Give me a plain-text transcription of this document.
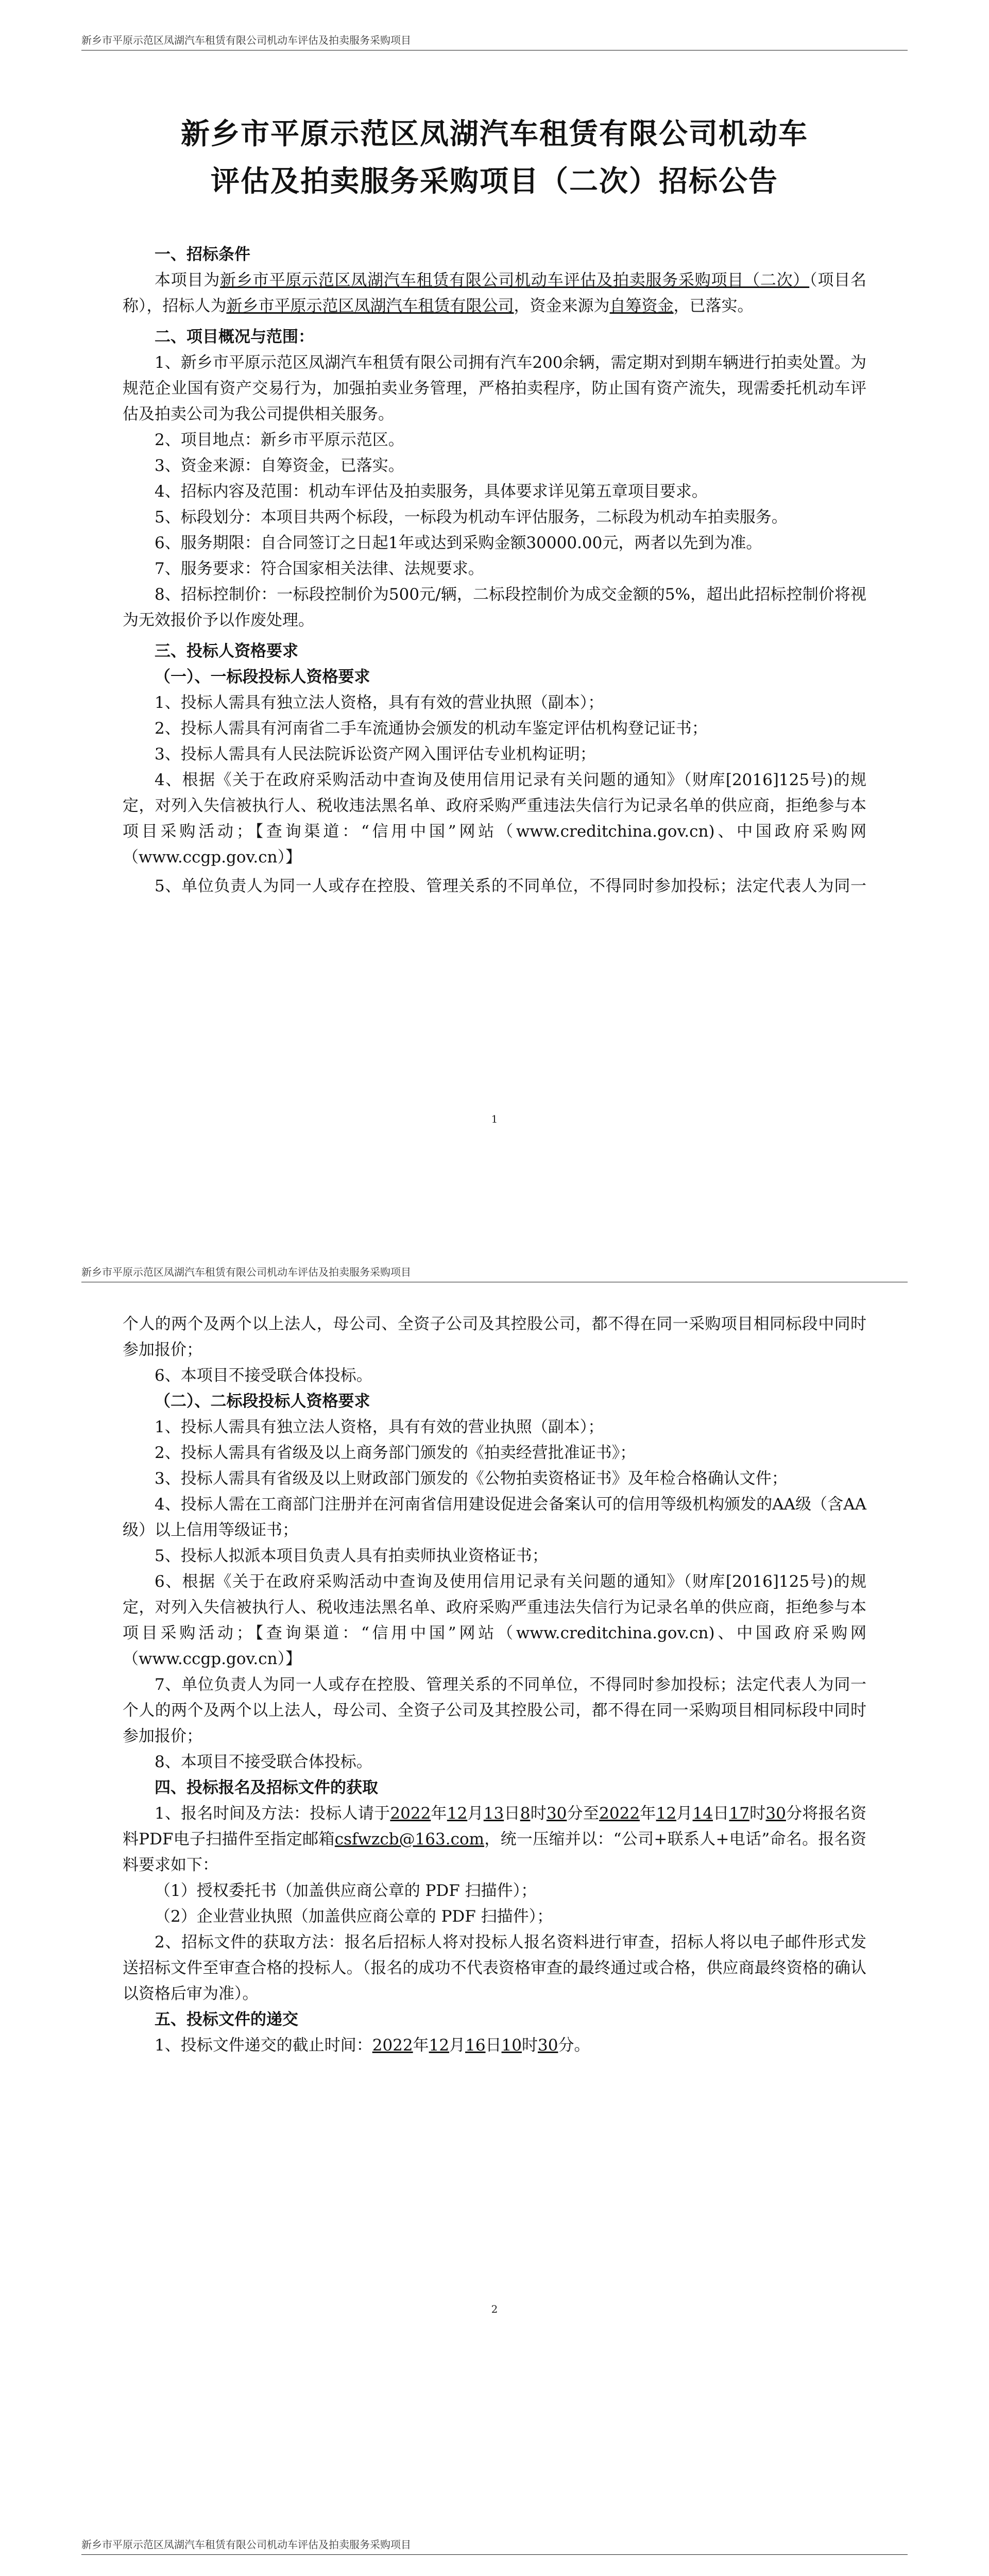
新乡市平原示范区凤湖汽车租赁有限公司机动车评估及拍卖服务采购项目
新乡市平原示范区凤湖汽车租赁有限公司机动车
评估及拍卖服务采购项目（二次）招标公告

一、招标条件

本项目为新乡市平原示范区凤湖汽车租赁有限公司机动车评估及拍卖服务采购项目（二次）（项目名称），招标人为新乡市平原示范区凤湖汽车租赁有限公司，资金来源为自筹资金，已落实。

二、项目概况与范围：

1、新乡市平原示范区凤湖汽车租赁有限公司拥有汽车200余辆，需定期对到期车辆进行拍卖处置。为规范企业国有资产交易行为，加强拍卖业务管理，严格拍卖程序，防止国有资产流失，现需委托机动车评估及拍卖公司为我公司提供相关服务。

2、项目地点：新乡市平原示范区。

3、资金来源：自筹资金，已落实。

4、招标内容及范围：机动车评估及拍卖服务，具体要求详见第五章项目要求。

5、标段划分：本项目共两个标段，一标段为机动车评估服务，二标段为机动车拍卖服务。

6、服务期限：自合同签订之日起1年或达到采购金额30000.00元，两者以先到为准。

7、服务要求：符合国家相关法律、法规要求。

8、招标控制价：一标段控制价为500元/辆，二标段控制价为成交金额的5%，超出此招标控制价将视为无效报价予以作废处理。

三、投标人资格要求

（一）、一标段投标人资格要求

1、投标人需具有独立法人资格，具有有效的营业执照（副本）；

2、投标人需具有河南省二手车流通协会颁发的机动车鉴定评估机构登记证书；

3、投标人需具有人民法院诉讼资产网入围评估专业机构证明；

4、根据《关于在政府采购活动中查询及使用信用记录有关问题的通知》（财库[2016]125号)的规定，对列入失信被执行人、税收违法黑名单、政府采购严重违法失信行为记录名单的供应商，拒绝参与本项目采购活动；【查询渠道：“信用中国”网站（www.creditchina.gov.cn)、中国政府采购网（www.ccgp.gov.cn）】

5、单位负责人为同一人或存在控股、管理关系的不同单位，不得同时参加投标；法定代表人为同一

1
新乡市平原示范区凤湖汽车租赁有限公司机动车评估及拍卖服务采购项目

个人的两个及两个以上法人，母公司、全资子公司及其控股公司，都不得在同一采购项目相同标段中同时参加报价；

6、本项目不接受联合体投标。

（二）、二标段投标人资格要求

1、投标人需具有独立法人资格，具有有效的营业执照（副本）；

2、投标人需具有省级及以上商务部门颁发的《拍卖经营批准证书》；

3、投标人需具有省级及以上财政部门颁发的《公物拍卖资格证书》及年检合格确认文件；

4、投标人需在工商部门注册并在河南省信用建设促进会备案认可的信用等级机构颁发的AA级（含AA级）以上信用等级证书；

5、投标人拟派本项目负责人具有拍卖师执业资格证书；

6、根据《关于在政府采购活动中查询及使用信用记录有关问题的通知》（财库[2016]125号)的规定，对列入失信被执行人、税收违法黑名单、政府采购严重违法失信行为记录名单的供应商，拒绝参与本项目采购活动；【查询渠道：“信用中国”网站（www.creditchina.gov.cn)、中国政府采购网（www.ccgp.gov.cn）】

7、单位负责人为同一人或存在控股、管理关系的不同单位，不得同时参加投标；法定代表人为同一个人的两个及两个以上法人，母公司、全资子公司及其控股公司，都不得在同一采购项目相同标段中同时参加报价；

8、本项目不接受联合体投标。

四、投标报名及招标文件的获取

1、报名时间及方法：投标人请于2022年12月13日8时30分至2022年12月14日17时30分将报名资料PDF电子扫描件至指定邮箱csfwzcb@163.com，统一压缩并以：“公司+联系人+电话”命名。报名资料要求如下：

（1）授权委托书（加盖供应商公章的 PDF 扫描件）；

（2）企业营业执照（加盖供应商公章的 PDF 扫描件）；

2、招标文件的获取方法：报名后招标人将对投标人报名资料进行审查，招标人将以电子邮件形式发送招标文件至审查合格的投标人。（报名的成功不代表资格审查的最终通过或合格，供应商最终资格的确认以资格后审为准）。

五、投标文件的递交

1、投标文件递交的截止时间：2022年12月16日10时30分。

2
新乡市平原示范区凤湖汽车租赁有限公司机动车评估及拍卖服务采购项目
